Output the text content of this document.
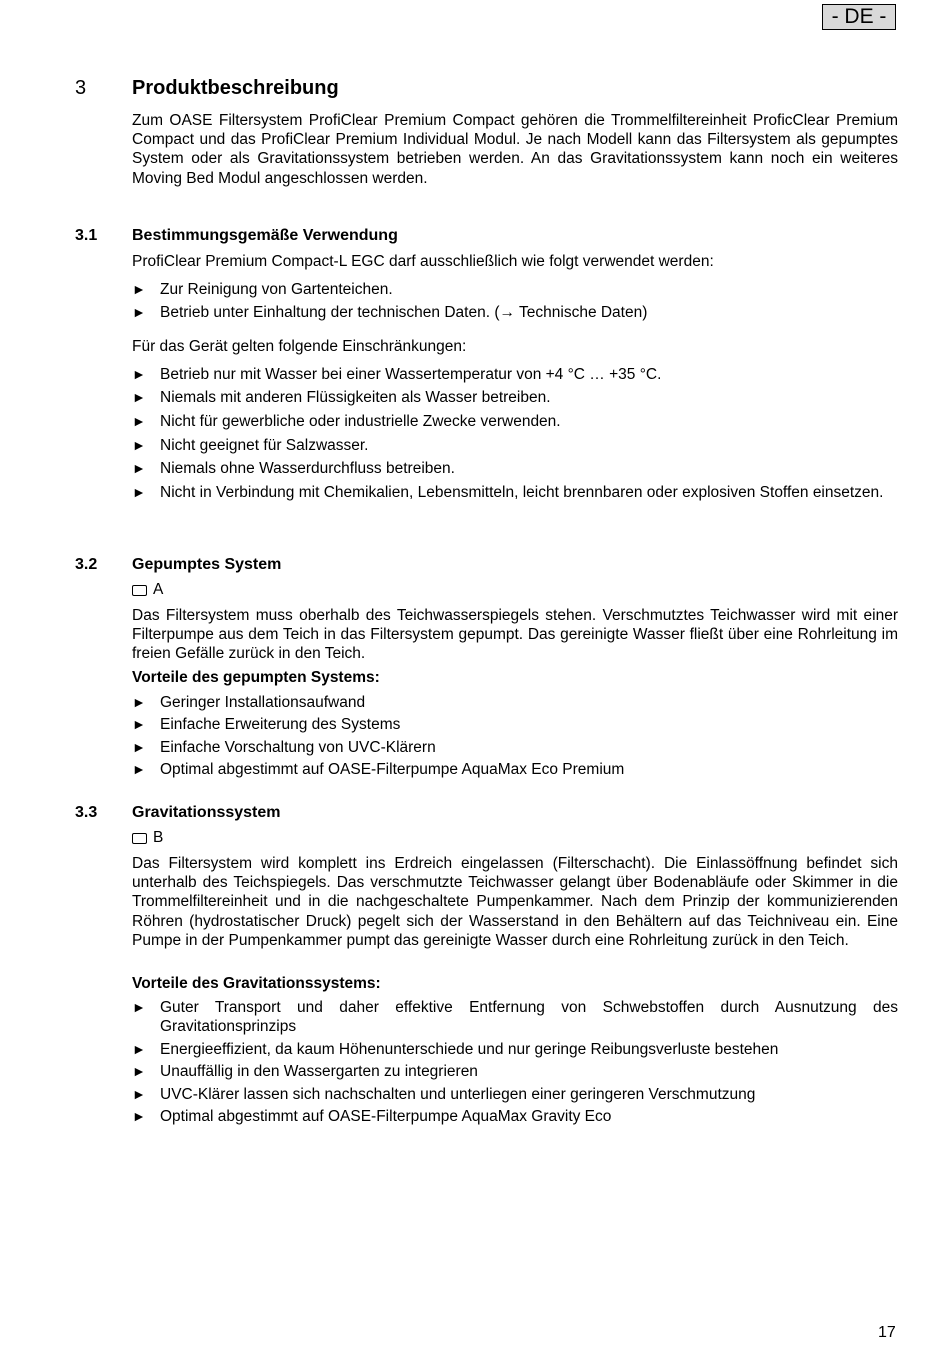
- DE -
3 Produktbeschreibung

Zum OASE Filtersystem ProfiClear Premium Compact gehören die Trommelfiltereinheit ProficClear Premium Compact und das ProfiClear Premium Individual Modul. Je nach Modell kann das Filtersystem als gepumptes System oder als Gravitationssystem betrieben werden. An das Gravitationssystem kann noch ein weiteres Moving Bed Modul angeschlossen werden.

3.1 Bestimmungsgemäße Verwendung
ProfiClear Premium Compact-L EGC darf ausschließlich wie folgt verwendet werden:
► Zur Reinigung von Gartenteichen.
► Betrieb unter Einhaltung der technischen Daten. (→ Technische Daten)
Für das Gerät gelten folgende Einschränkungen:
► Betrieb nur mit Wasser bei einer Wassertemperatur von +4 °C … +35 °C.
► Niemals mit anderen Flüssigkeiten als Wasser betreiben.
► Nicht für gewerbliche oder industrielle Zwecke verwenden.
► Nicht geeignet für Salzwasser.
► Niemals ohne Wasserdurchfluss betreiben.
► Nicht in Verbindung mit Chemikalien, Lebensmitteln, leicht brennbaren oder explosiven Stoffen einsetzen.
3.2 Gepumptes System
A

Das Filtersystem muss oberhalb des Teichwasserspiegels stehen. Verschmutztes Teichwasser wird mit einer Filterpumpe aus dem Teich in das Filtersystem gepumpt. Das gereinigte Wasser fließt über eine Rohrleitung im freien Gefälle zurück in den Teich.

Vorteile des gepumpten Systems:
► Geringer Installationsaufwand
► Einfache Erweiterung des Systems
► Einfache Vorschaltung von UVC-Klärern
► Optimal abgestimmt auf OASE-Filterpumpe AquaMax Eco Premium
3.3 Gravitationssystem
B

Das Filtersystem wird komplett ins Erdreich eingelassen (Filterschacht). Die Einlassöffnung befindet sich unterhalb des Teichspiegels. Das verschmutzte Teichwasser gelangt über Bodenabläufe oder Skimmer in die Trommelfiltereinheit und in die nachgeschaltete Pumpenkammer. Nach dem Prinzip der kommunizierenden Röhren (hydrostatischer Druck) pegelt sich der Wasserstand in den Behältern auf das Teichniveau ein. Eine Pumpe in der Pumpenkammer pumpt das gereinigte Wasser durch eine Rohrleitung zurück in den Teich.

Vorteile des Gravitationssystems:
► Guter Transport und daher effektive Entfernung von Schwebstoffen durch Ausnutzung des Gravitationsprinzips
► Energieeffizient, da kaum Höhenunterschiede und nur geringe Reibungsverluste bestehen
► Unauffällig in den Wassergarten zu integrieren
► UVC-Klärer lassen sich nachschalten und unterliegen einer geringeren Verschmutzung
► Optimal abgestimmt auf OASE-Filterpumpe AquaMax Gravity Eco
17
